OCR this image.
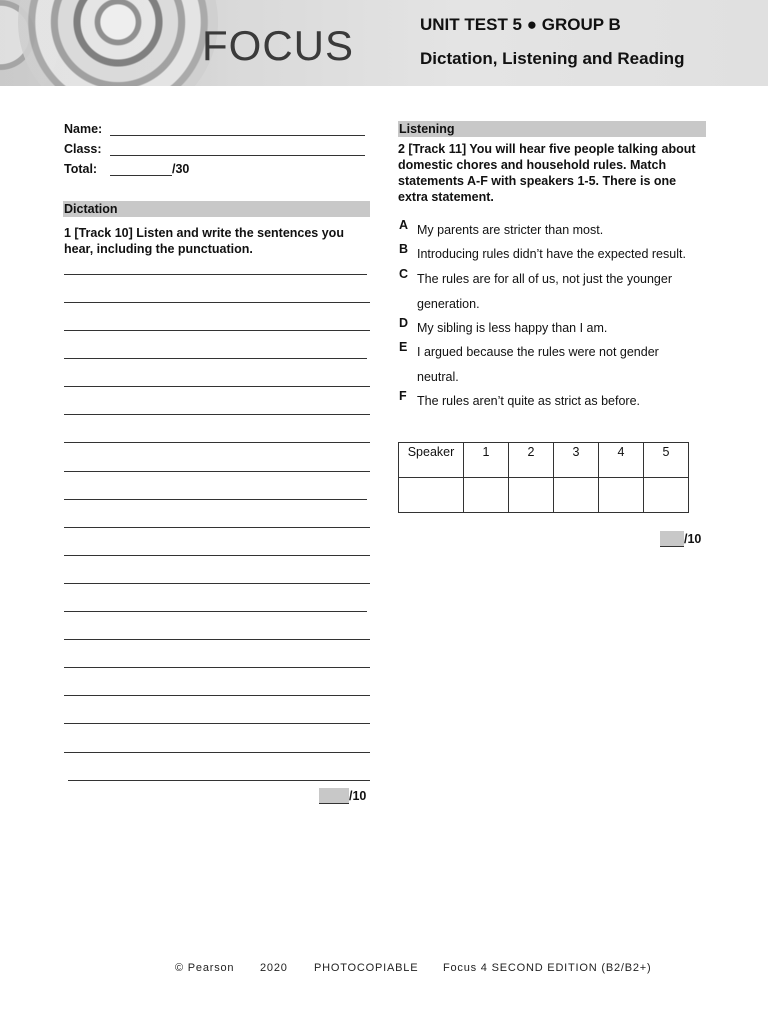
FOCUS	UNIT TEST 5 ● GROUP B
Dictation, Listening and Reading
Name:
Class:
Total:	/30
Dictation
1 [Track 10] Listen and write the sentences you hear, including the punctuation.
/10
Listening
2 [Track 11] You will hear five people talking about domestic chores and household rules. Match statements A-F with speakers 1-5. There is one extra statement.
A My parents are stricter than most.
B Introducing rules didn’t have the expected result.
C The rules are for all of us, not just the younger generation.
D My sibling is less happy than I am.
E I argued because the rules were not gender neutral.
F The rules aren’t quite as strict as before.
Speaker	1	2	3	4	5

/10
© Pearson 2020 PHOTOCOPIABLE Focus 4 SECOND EDITION (B2/B2+)
